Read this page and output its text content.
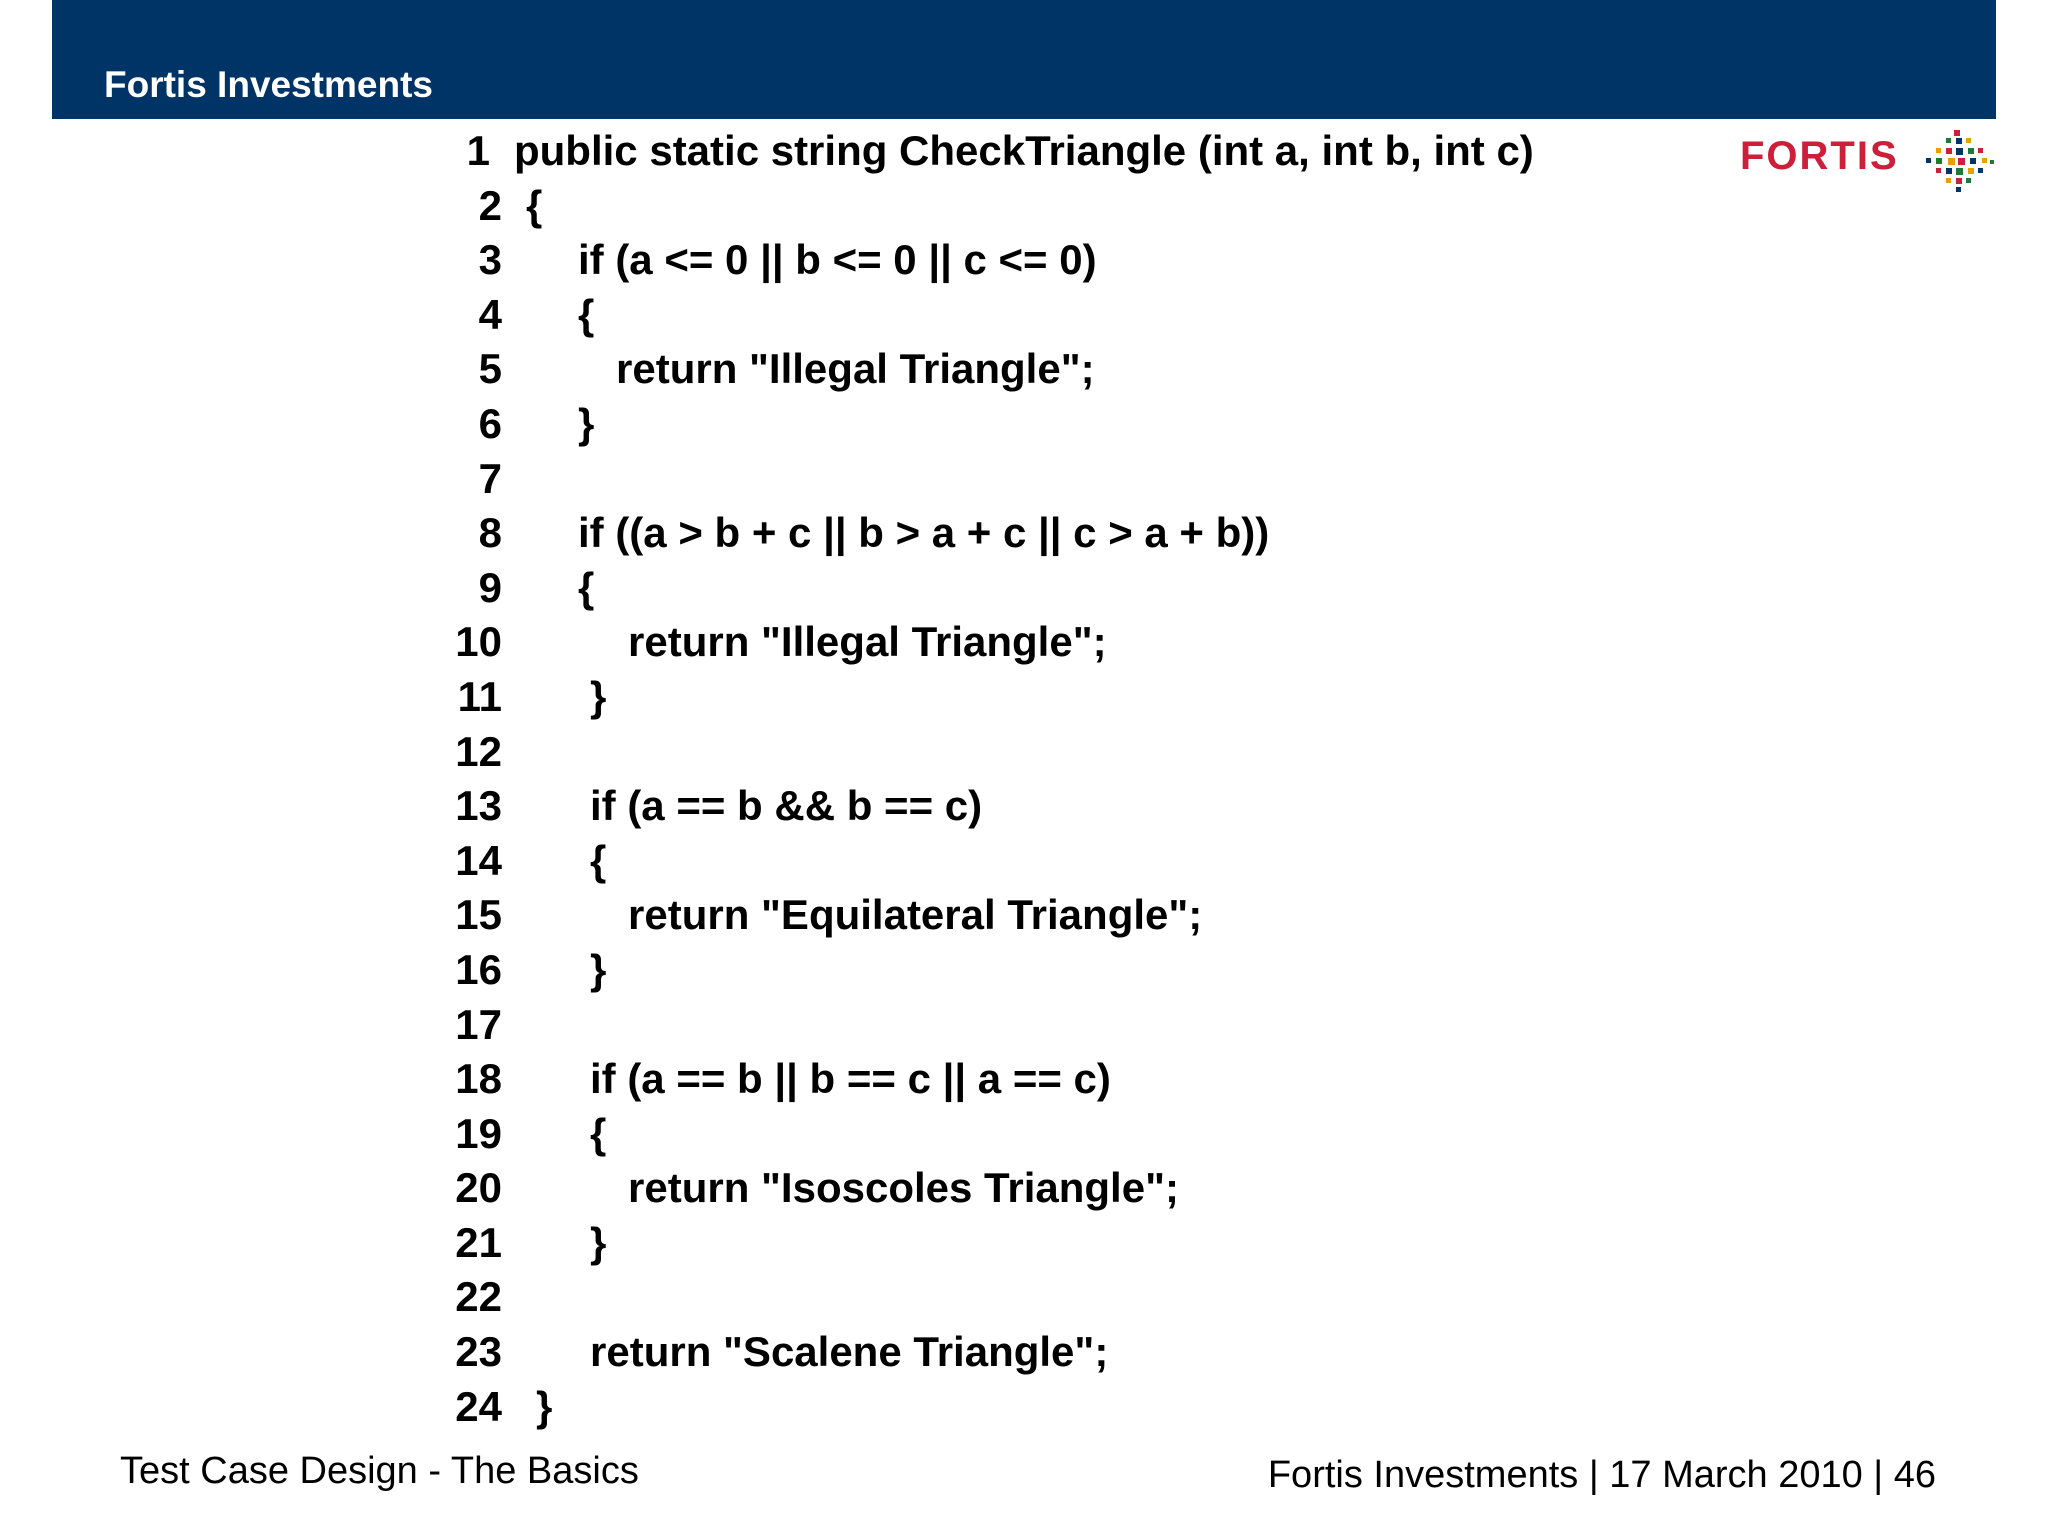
Fortis Investments
FORTIS
1 public static string CheckTriangle (int a, int b, int c)
2 {
3 if (a <= 0 || b <= 0 || c <= 0)
4 {
5	return "Illegal Triangle";
6 }
7
8 if ((a > b + c || b > a + c || c > a + b))
9 {
10	return "Illegal Triangle";
11 }
12
13 if (a == b && b == c)
14 {
15	return "Equilateral Triangle";
16 }
17
18 if (a == b || b == c || a == c)
19 {
20	return "Isoscoles Triangle";
21 }
22
23 return "Scalene Triangle";
24 }
Test Case Design - The Basics	Fortis Investments | 17 March 2010 | 46
